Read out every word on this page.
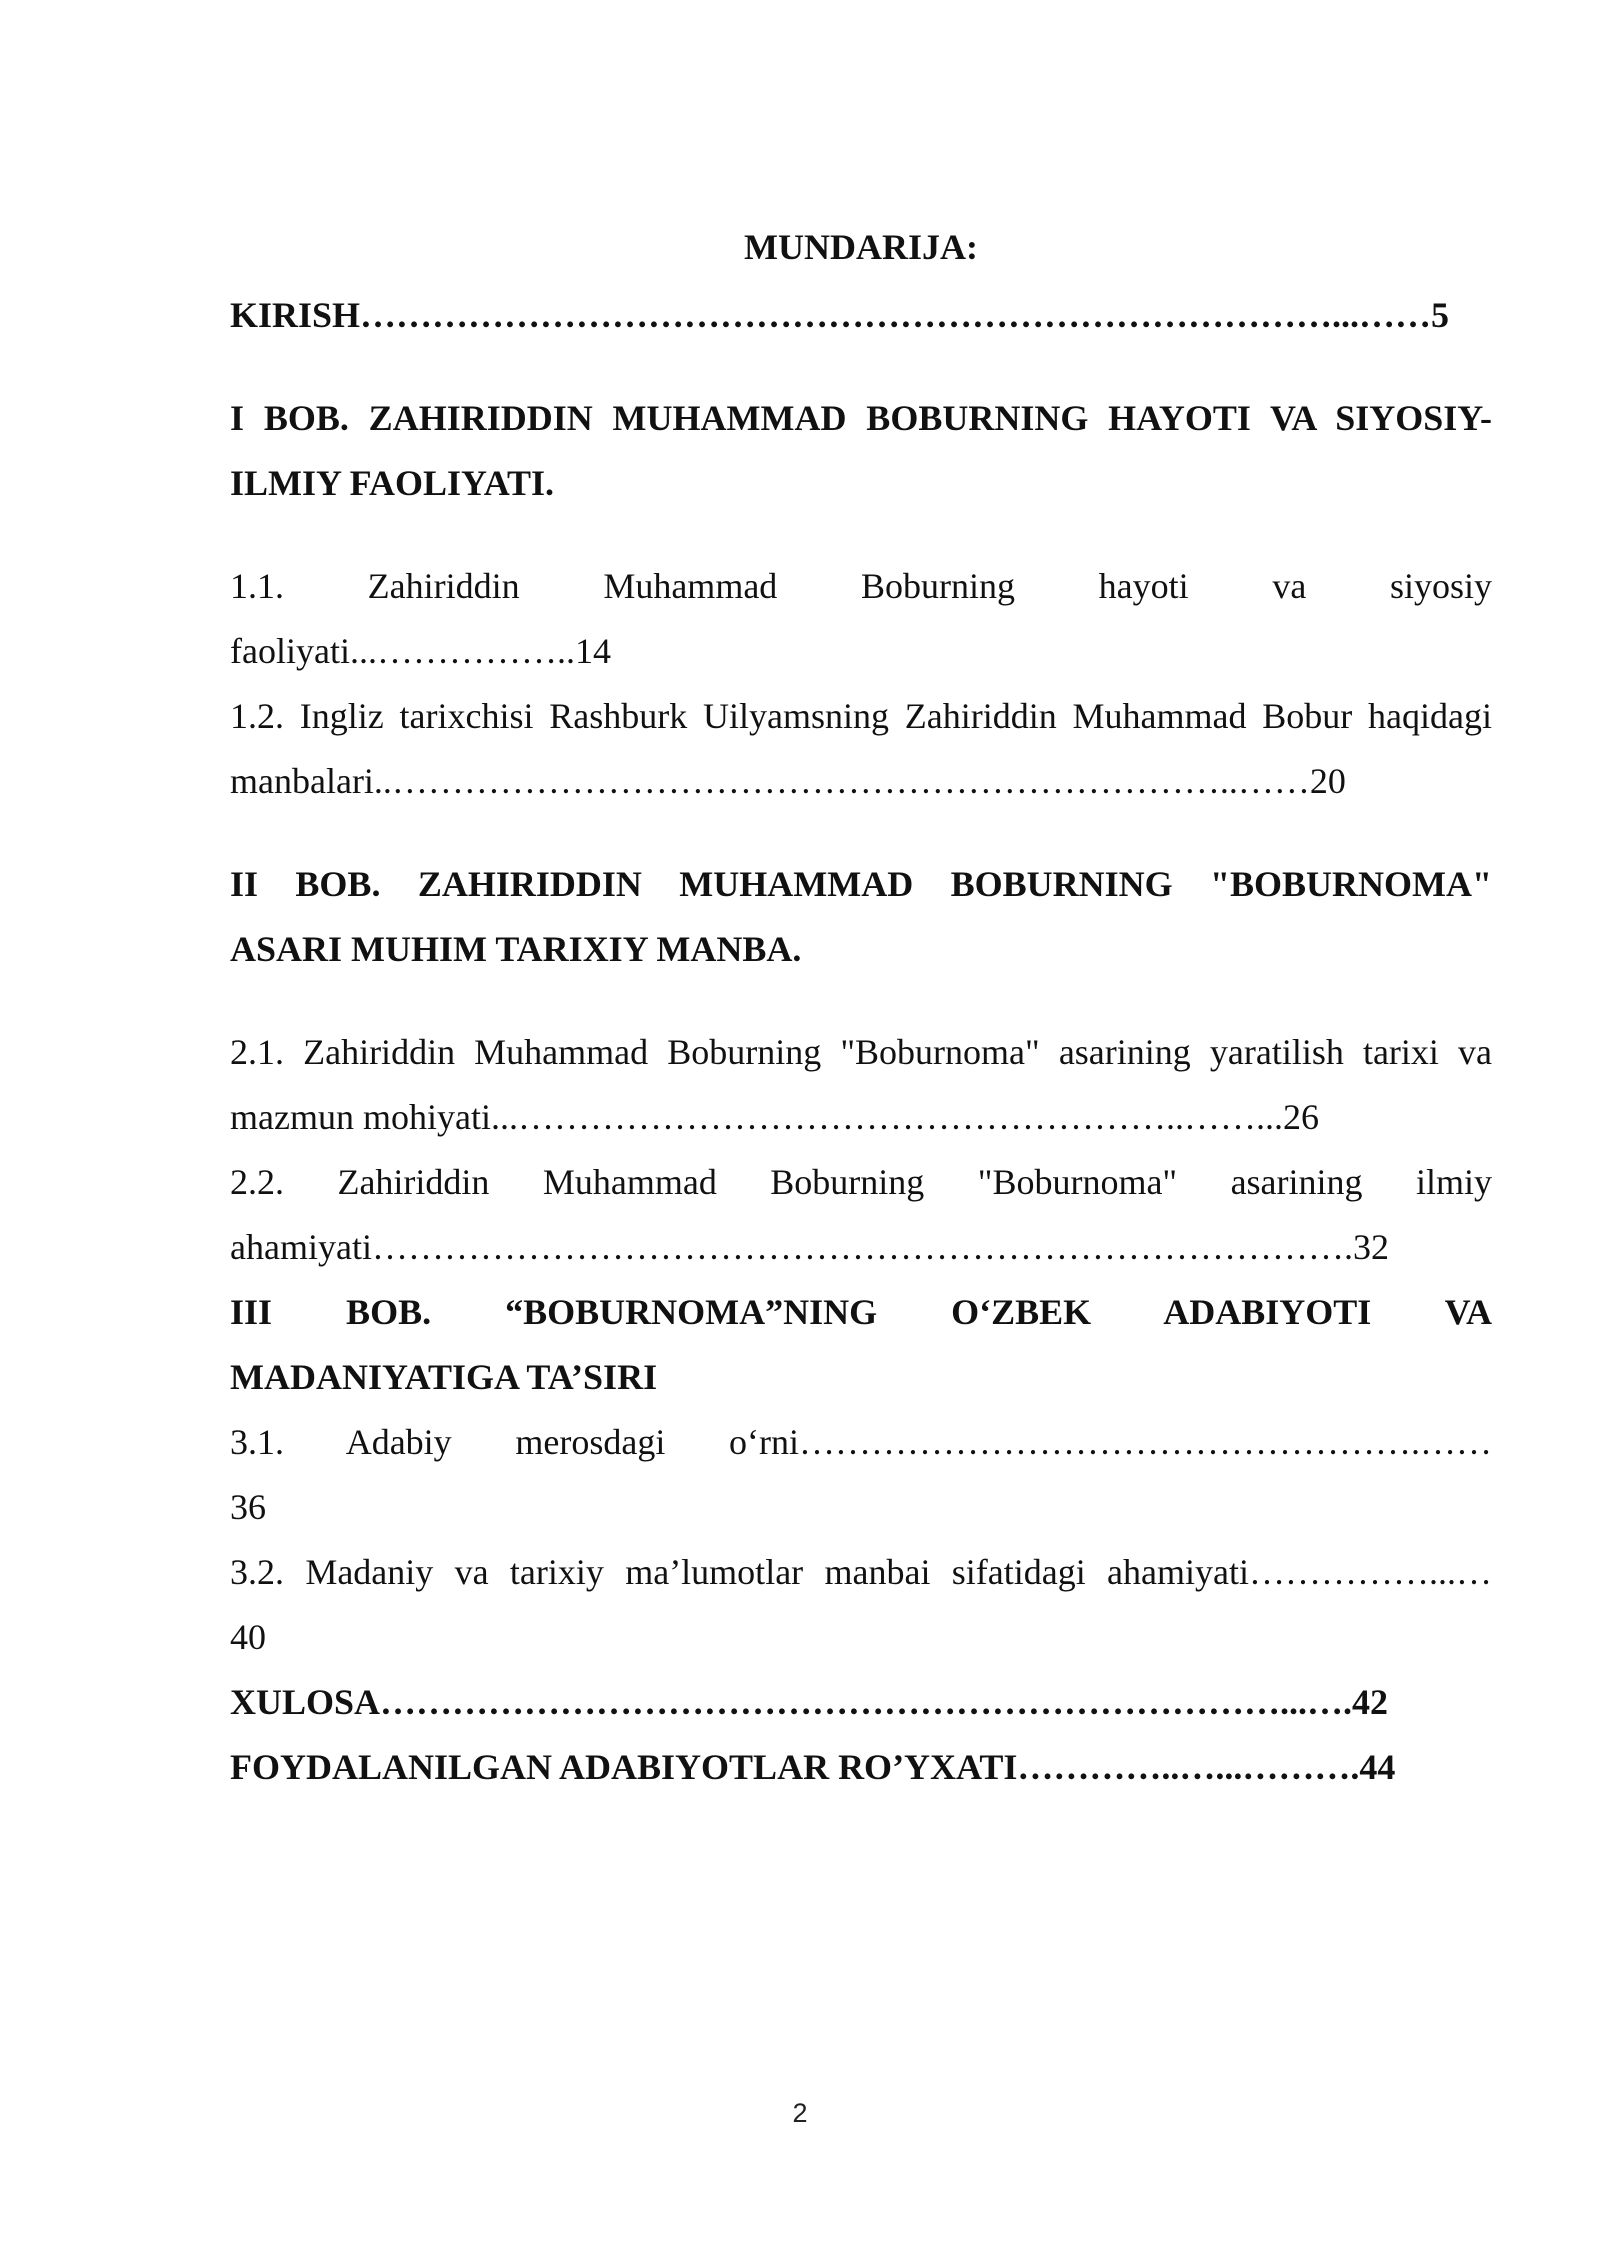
MUNDARIJA:

KIRISH………………………………………………………………………...……5

I BOB. ZAHIRIDDIN MUHAMMAD BOBURNING HAYOTI VA SIYOSIY-

ILMIY FAOLIYATI.

1.1. Zahiriddin Muhammad Boburning hayoti va siyosiy

faoliyati...……………..14

1.2. Ingliz tarixchisi Rashburk Uilyamsning Zahiriddin Muhammad Bobur haqidagi

manbalari..……………………………………………………………..……20

II BOB. ZAHIRIDDIN MUHAMMAD BOBURNING "BOBURNOMA"

ASARI MUHIM TARIXIY MANBA.

2.1. Zahiriddin Muhammad Boburning "Boburnoma" asarining yaratilish tarixi va

mazmun mohiyati...………………………………………………..……...26

2.2. Zahiriddin Muhammad Boburning "Boburnoma" asarining ilmiy

ahamiyati……………………………………………………………………….32

III BOB. “BOBURNOMA”NING O‘ZBEK ADABIYOTI VA

MADANIYATIGA TA’SIRI

3.1. Adabiy merosdagi o‘rni…………………………………………….……

36

3.2. Madaniy va tarixiy ma’lumotlar manbai sifatidagi ahamiyati……………...…

40

XULOSA…………………………………………………………………...….42

FOYDALANILGAN ADABIYOTLAR RO’YXATI…………..…...……….44

2
